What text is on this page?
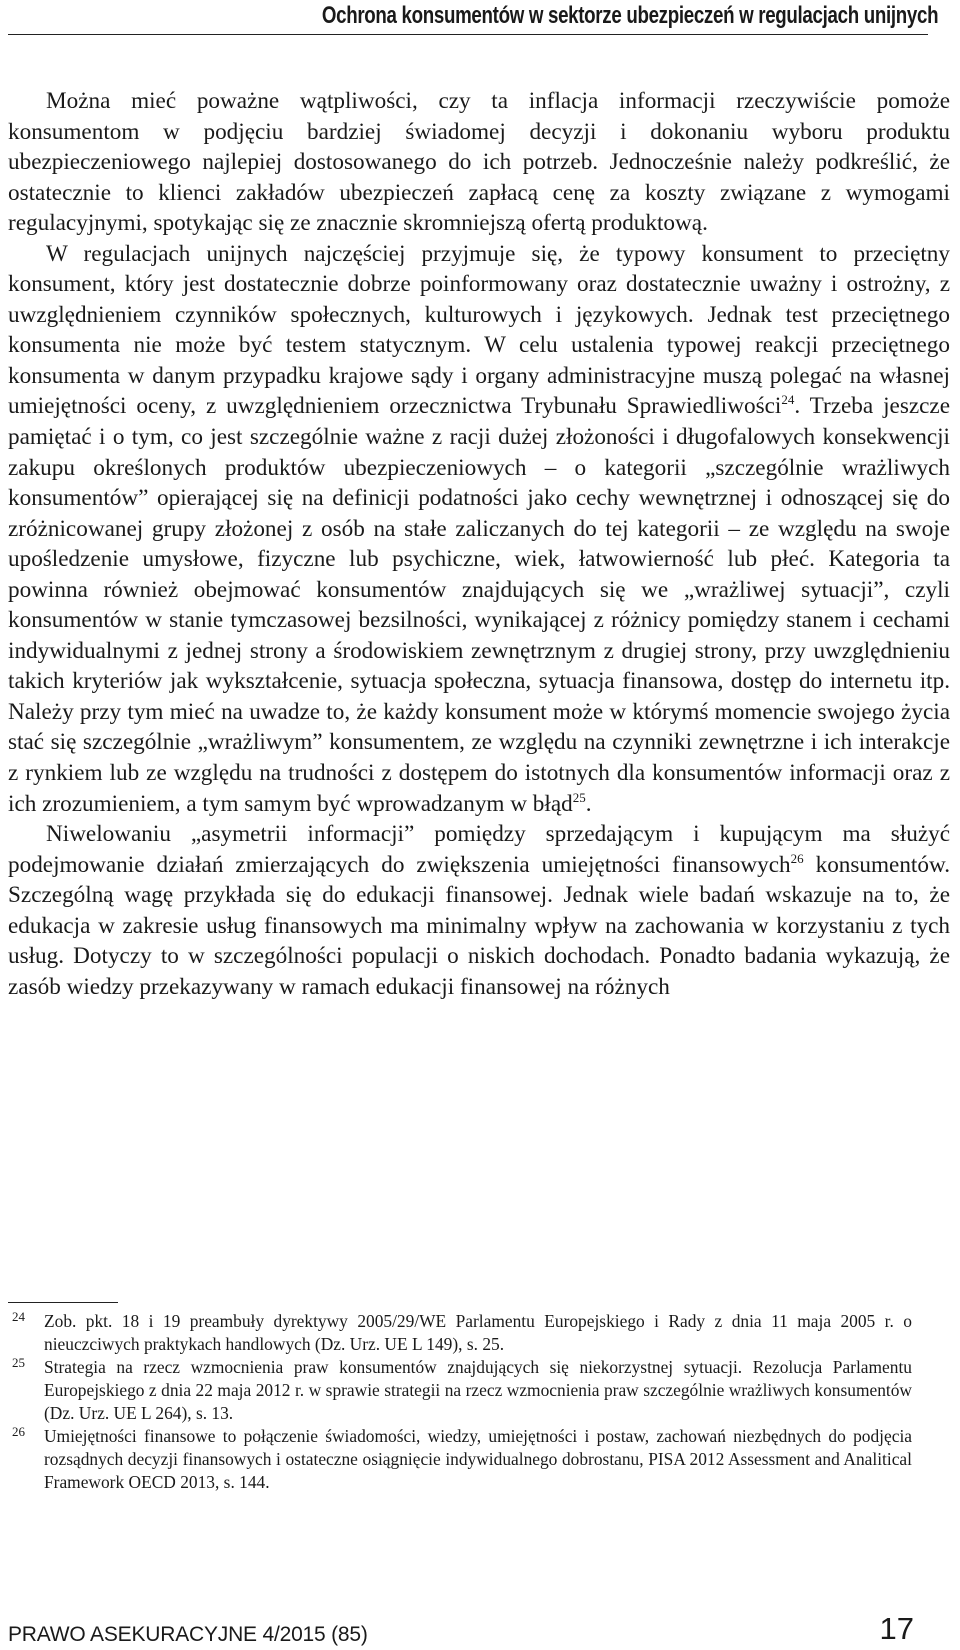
Ochrona konsumentów w sektorze ubezpieczeń w regulacjach unijnych

Można mieć poważne wątpliwości, czy ta inflacja informacji rzeczywiście pomoże konsumentom w podjęciu bardziej świadomej decyzji i dokonaniu wyboru produktu ubezpieczeniowego najlepiej dostosowanego do ich potrzeb. Jednocześnie należy podkreślić, że ostatecznie to klienci zakładów ubezpieczeń zapłacą cenę za koszty związane z wymogami regulacyjnymi, spotykając się ze znacznie skromniejszą ofertą produktową.

W regulacjach unijnych najczęściej przyjmuje się, że typowy konsument to przeciętny konsument, który jest dostatecznie dobrze poinformowany oraz dostatecznie uważny i ostrożny, z uwzględnieniem czynników społecznych, kulturowych i językowych. Jednak test przeciętnego konsumenta nie może być testem statycznym. W celu ustalenia typowej reakcji przeciętnego konsumenta w danym przypadku krajowe sądy i organy administracyjne muszą polegać na własnej umiejętności oceny, z uwzględnieniem orzecznictwa Trybunału Sprawiedliwości$^{24}$. Trzeba jeszcze pamiętać i o tym, co jest szczególnie ważne z racji dużej złożoności i długofalowych konsekwencji zakupu określonych produktów ubezpieczeniowych – o kategorii „szczególnie wrażliwych konsumentów” opierającej się na definicji podatności jako cechy wewnętrznej i odnoszącej się do zróżnicowanej grupy złożonej z osób na stałe zaliczanych do tej kategorii – ze względu na swoje upośledzenie umysłowe, fizyczne lub psychiczne, wiek, łatwowierność lub płeć. Kategoria ta powinna również obejmować konsumentów znajdujących się we „wrażliwej sytuacji”, czyli konsumentów w stanie tymczasowej bezsilności, wynikającej z różnicy pomiędzy stanem i cechami indywidualnymi z jednej strony a środowiskiem zewnętrznym z drugiej strony, przy uwzględnieniu takich kryteriów jak wykształcenie, sytuacja społeczna, sytuacja finansowa, dostęp do internetu itp. Należy przy tym mieć na uwadze to, że każdy konsument może w którymś momencie swojego życia stać się szczególnie „wrażliwym” konsumentem, ze względu na czynniki zewnętrzne i ich interakcje z rynkiem lub ze względu na trudności z dostępem do istotnych dla konsumentów informacji oraz z ich zrozumieniem, a tym samym być wprowadzanym w błąd$^{25}$.

Niwelowaniu „asymetrii informacji” pomiędzy sprzedającym i kupującym ma służyć podejmowanie działań zmierzających do zwiększenia umiejętności finansowych$^{26}$ konsumentów. Szczególną wagę przykłada się do edukacji finansowej. Jednak wiele badań wskazuje na to, że edukacja w zakresie usług finansowych ma minimalny wpływ na zachowania w korzystaniu z tych usług. Dotyczy to w szczególności populacji o niskich dochodach. Ponadto badania wykazują, że zasób wiedzy przekazywany w ramach edukacji finansowej na różnych

24 Zob. pkt. 18 i 19 preambuły dyrektywy 2005/29/WE Parlamentu Europejskiego i Rady z dnia 11 maja 2005 r. o nieuczciwych praktykach handlowych (Dz. Urz. UE L 149), s. 25.
25 Strategia na rzecz wzmocnienia praw konsumentów znajdujących się niekorzystnej sytuacji. Rezolucja Parlamentu Europejskiego z dnia 22 maja 2012 r. w sprawie strategii na rzecz wzmocnienia praw szczególnie wrażliwych konsumentów (Dz. Urz. UE L 264), s. 13.
26 Umiejętności finansowe to połączenie świadomości, wiedzy, umiejętności i postaw, zachowań niezbędnych do podjęcia rozsądnych decyzji finansowych i ostateczne osiągnięcie indywidualnego dobrostanu, PISA 2012 Assessment and Analitical Framework OECD 2013, s. 144.
PRAWO ASEKURACYJNE 4/2015 (85)	17
